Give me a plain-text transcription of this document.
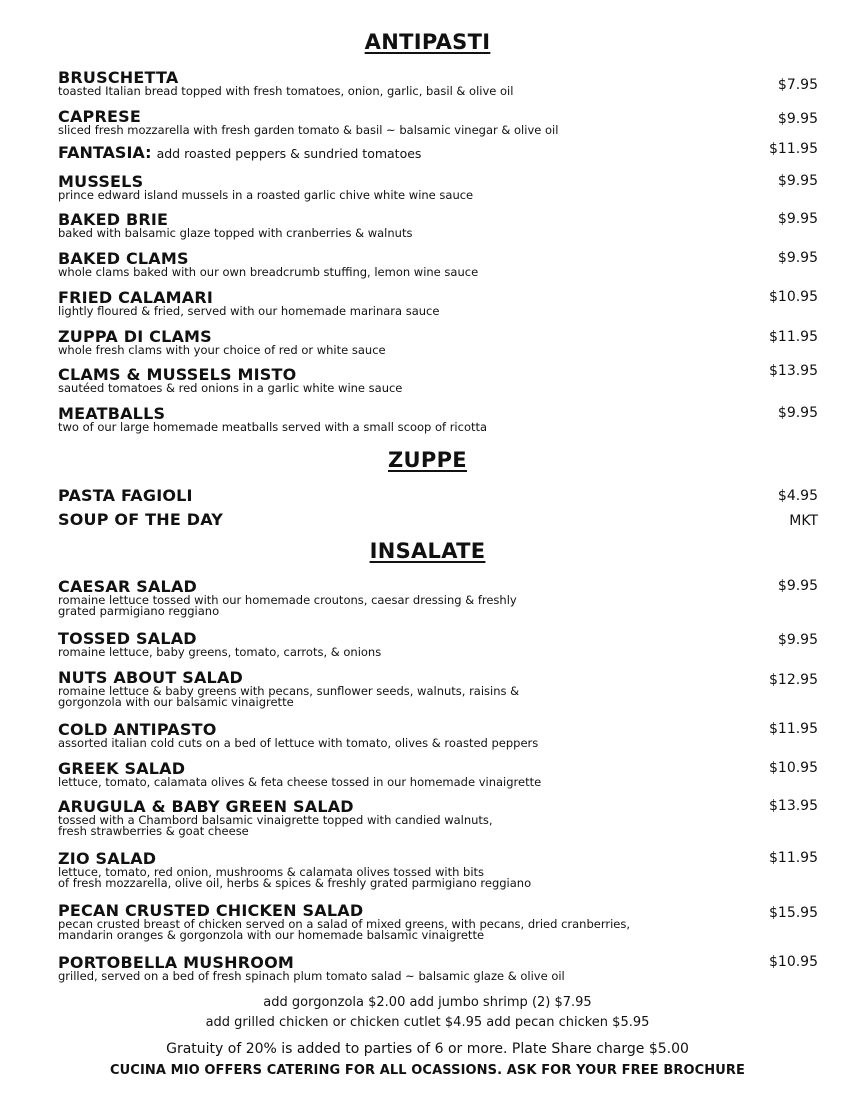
ANTIPASTI
BRUSCHETTA
toasted Italian bread topped with fresh tomatoes, onion, garlic, basil & olive oil	$7.95
CAPRESE
sliced fresh mozzarella with fresh garden tomato & basil ~ balsamic vinegar & olive oil
$9.95
FANTASIA: add roasted peppers & sundried tomatoes	$11.95
MUSSELS
prince edward island mussels in a roasted garlic chive white wine sauce
$9.95
BAKED BRIE
baked with balsamic glaze topped with cranberries & walnuts
$9.95
BAKED CLAMS
whole clams baked with our own breadcrumb stuffing, lemon wine sauce
$9.95
FRIED CALAMARI
lightly floured & fried, served with our homemade marinara sauce
$10.95
ZUPPA DI CLAMS
whole fresh clams with your choice of red or white sauce
$11.95
CLAMS & MUSSELS MISTO
sautéed tomatoes & red onions in a garlic white wine sauce
$13.95
MEATBALLS
two of our large homemade meatballs served with a small scoop of ricotta
$9.95
ZUPPE
PASTA FAGIOLI	$4.95
SOUP OF THE DAY	MKT
INSALATE
CAESAR SALAD
romaine lettuce tossed with our homemade croutons, caesar dressing & freshly
grated parmigiano reggiano
$9.95
TOSSED SALAD
romaine lettuce, baby greens, tomato, carrots, & onions
$9.95
NUTS ABOUT SALAD
romaine lettuce & baby greens with pecans, sunflower seeds, walnuts, raisins &
gorgonzola with our balsamic vinaigrette
$12.95
COLD ANTIPASTO
assorted italian cold cuts on a bed of lettuce with tomato, olives & roasted peppers
$11.95
GREEK SALAD
lettuce, tomato, calamata olives & feta cheese tossed in our homemade vinaigrette
$10.95
ARUGULA & BABY GREEN SALAD
tossed with a Chambord balsamic vinaigrette topped with candied walnuts,
fresh strawberries & goat cheese
$13.95
ZIO SALAD
lettuce, tomato, red onion, mushrooms & calamata olives tossed with bits
of fresh mozzarella, olive oil, herbs & spices & freshly grated parmigiano reggiano
$11.95
PECAN CRUSTED CHICKEN SALAD
pecan crusted breast of chicken served on a salad of mixed greens, with pecans, dried cranberries,
mandarin oranges & gorgonzola with our homemade balsamic vinaigrette
$15.95
PORTOBELLA MUSHROOM
grilled, served on a bed of fresh spinach plum tomato salad ~ balsamic glaze & olive oil
$10.95
add gorgonzola $2.00 add jumbo shrimp (2) $7.95
add grilled chicken or chicken cutlet $4.95 add pecan chicken $5.95
Gratuity of 20% is added to parties of 6 or more. Plate Share charge $5.00
CUCINA MIO OFFERS CATERING FOR ALL OCASSIONS. ASK FOR YOUR FREE BROCHURE
